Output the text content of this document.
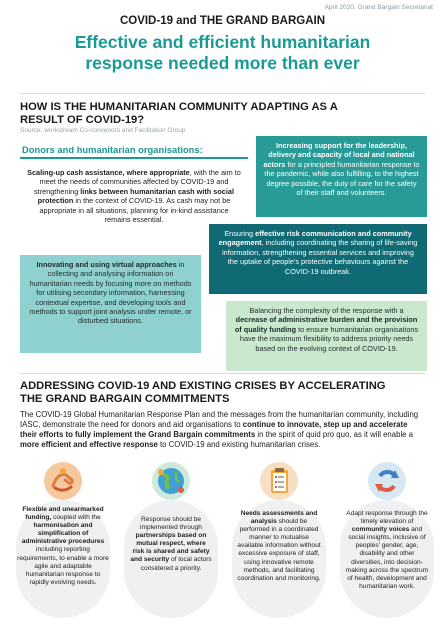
April 2020, Grand Bargain Secretariat
COVID-19 and THE GRAND BARGAIN
Effective and efficient humanitarian
response needed more than ever
HOW IS THE HUMANITARIAN COMMUNITY ADAPTING AS A
RESULT OF COVID-19?
Source: workstream Co-convenors and Facilitation Group
Donors and humanitarian organisations:
Scaling-up cash assistance, where appropriate, with the aim to meet the needs of communities affected by COVID-19 and strengthening links between humanitarian cash with social protection in the context of COVID-19. As cash may not be appropriate in all situations, planning for in-kind assistance remains essential.
Increasing support for the leadership, delivery and capacity of local and national actors for a principled humanitarian response to the pandemic, while also fulfilling, to the highest degree possible, the duty of care for the safety of their staff and volunteers.
Ensuring effective risk communication and community engagement, including coordinating the sharing of life-saving information, strengthening essential services and improving the uptake of people's protective behaviours against the COVID-19 outbreak.
Innovating and using virtual approaches in collecting and analysing information on humanitarian needs by focusing more on methods for utilising secondary information, harnessing contextual expertise, and developing tools and methods to support joint analysis under remote, or disturbed situations.
Balancing the complexity of the response with a decrease of administrative burden and the provision of quality funding to ensure humanitarian organisations have the maximum flexibility to address priority needs based on the evolving context of COVID-19.
ADDRESSING COVID-19 AND EXISTING CRISES BY ACCELERATING
THE GRAND BARGAIN COMMITMENTS
The COVID-19 Global Humanitarian Response Plan and the messages from the humanitarian community, including IASC, demonstrate the need for donors and aid organisations to continue to innovate, step up and accelerate their efforts to fully implement the Grand Bargain commitments in the spirit of quid pro quo, as it will enable a more efficient and effective response to COVID-19 and existing humanitarian crises.
Flexible and unearmarked funding, coupled with the harmonisation and simplification of administrative procedures including reporting requirements, to enable a more agile and adaptable humanitarian response to rapidly evolving needs.
Response should be implemented through partnerships based on mutual respect, where risk is shared and safety and security of local actors considered a priority.
Needs assessments and analysis should be performed in a coordinated manner to mutualise available information without excessive exposure of staff, using innovative remote methods, and facilitating coordination and monitoring.
Adapt response through the timely elevation of community voices and social insights, inclusive of peoples' gender, age, disability and other diversities, into decision-making across the spectrum of health, development and humanitarian work.
